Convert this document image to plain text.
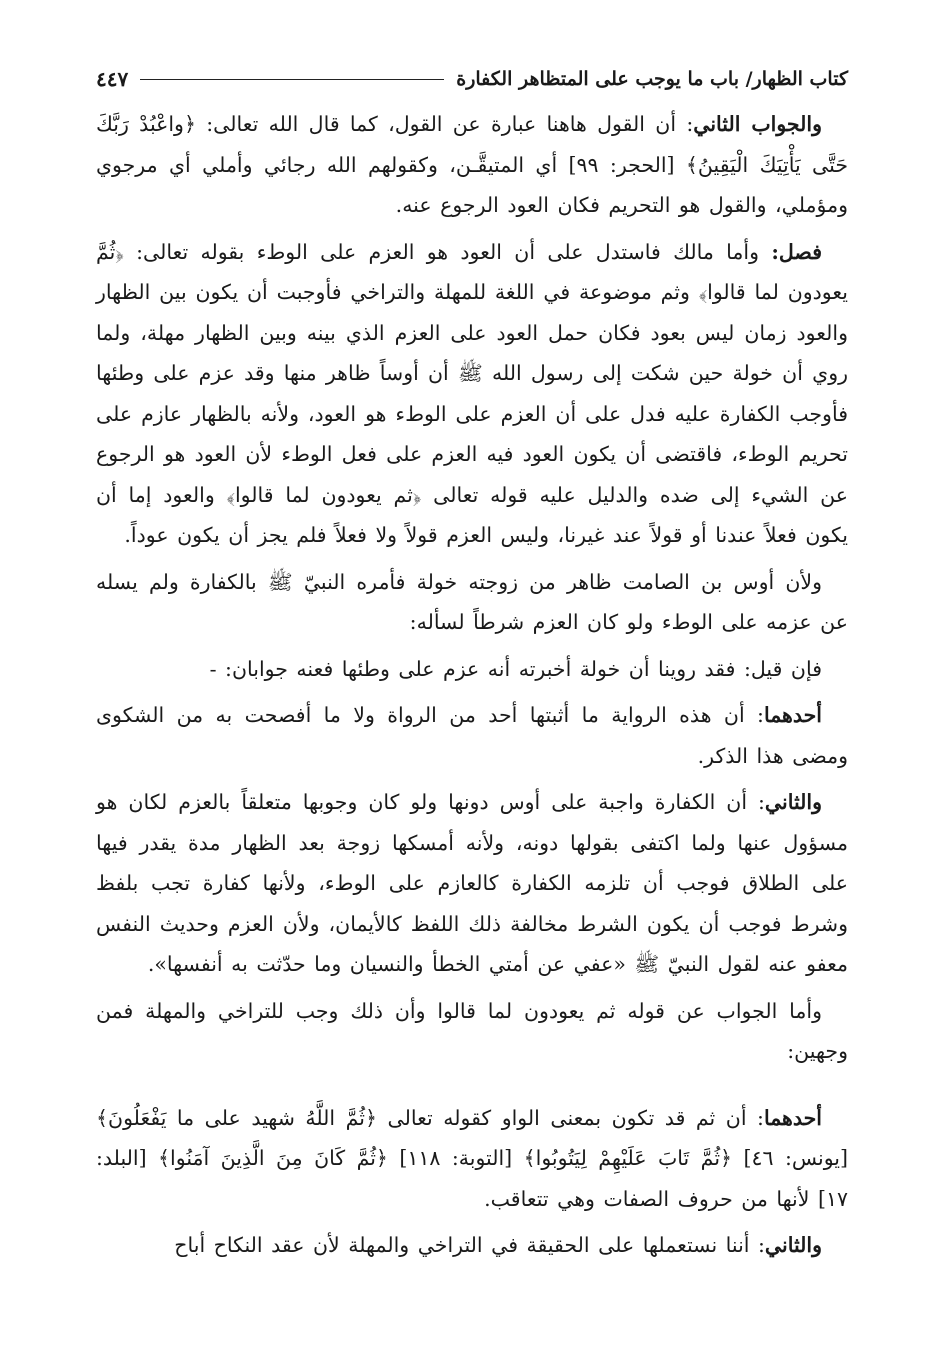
كتاب الظهار/ باب ما يوجب على المتظاهر الكفارة
٤٤٧

والجواب الثاني: أن القول هاهنا عبارة عن القول، كما قال الله تعالى: ﴿واعْبُدْ رَبَّكَ حَتَّى يَأْتِيَكَ الْيَقِينُ﴾ [الحجر: ٩٩] أي المتيقَّـن، وكقولهم الله رجائي وأملي أي مرجوي ومؤملي، والقول هو التحريم فكان العود الرجوع عنه.

فصل: وأما مالك فاستدل على أن العود هو العزم على الوطء بقوله تعالى: ﴿ثُمَّ يعودون لما قالوا﴾ وثم موضوعة في اللغة للمهلة والتراخي فأوجبت أن يكون بين الظهار والعود زمان ليس بعود فكان حمل العود على العزم الذي بينه وبين الظهار مهلة، ولما روي أن خولة حين شكت إلى رسول الله ﷺ أن أوساً ظاهر منها وقد عزم على وطئها فأوجب الكفارة عليه فدل على أن العزم على الوطء هو العود، ولأنه بالظهار عازم على تحريم الوطء، فاقتضى أن يكون العود فيه العزم على فعل الوطء لأن العود هو الرجوع عن الشيء إلى ضده والدليل عليه قوله تعالى ﴿ثم يعودون لما قالوا﴾ والعود إما أن يكون فعلاً عندنا أو قولاً عند غيرنا، وليس العزم قولاً ولا فعلاً فلم يجز أن يكون عوداً.

ولأن أوس بن الصامت ظاهر من زوجته خولة فأمره النبيّ ﷺ بالكفارة ولم يسله عن عزمه على الوطء ولو كان العزم شرطاً لسأله:

فإن قيل: فقد روينا أن خولة أخبرته أنه عزم على وطئها فعنه جوابان: -

أحدهما: أن هذه الرواية ما أثبتها أحد من الرواة ولا ما أفصحت به من الشكوى ومضى هذا الذكر.

والثاني: أن الكفارة واجبة على أوس دونها ولو كان وجوبها متعلقاً بالعزم لكان هو مسؤول عنها ولما اكتفى بقولها دونه، ولأنه أمسكها زوجة بعد الظهار مدة يقدر فيها على الطلاق فوجب أن تلزمه الكفارة كالعازم على الوطء، ولأنها كفارة تجب بلفظ وشرط فوجب أن يكون الشرط مخالفة ذلك اللفظ كالأيمان، ولأن العزم وحديث النفس معفو عنه لقول النبيّ ﷺ «عفي عن أمتي الخطأ والنسيان وما حدّثت به أنفسها».

وأما الجواب عن قوله ثم يعودون لما قالوا وأن ذلك وجب للتراخي والمهلة فمن وجهين:

أحدهما: أن ثم قد تكون بمعنى الواو كقوله تعالى ﴿ثُمَّ اللَّهُ شهيد على ما يَفْعَلُونَ﴾ [يونس: ٤٦] ﴿ثُمَّ تَابَ عَلَيْهِمْ لِيَتُوبُوا﴾ [التوبة: ١١٨] ﴿ثُمَّ كَانَ مِنَ الَّذِينَ آمَنُوا﴾ [البلد: ١٧] لأنها من حروف الصفات وهي تتعاقب.

والثاني: أننا نستعملها على الحقيقة في التراخي والمهلة لأن عقد النكاح أباح
